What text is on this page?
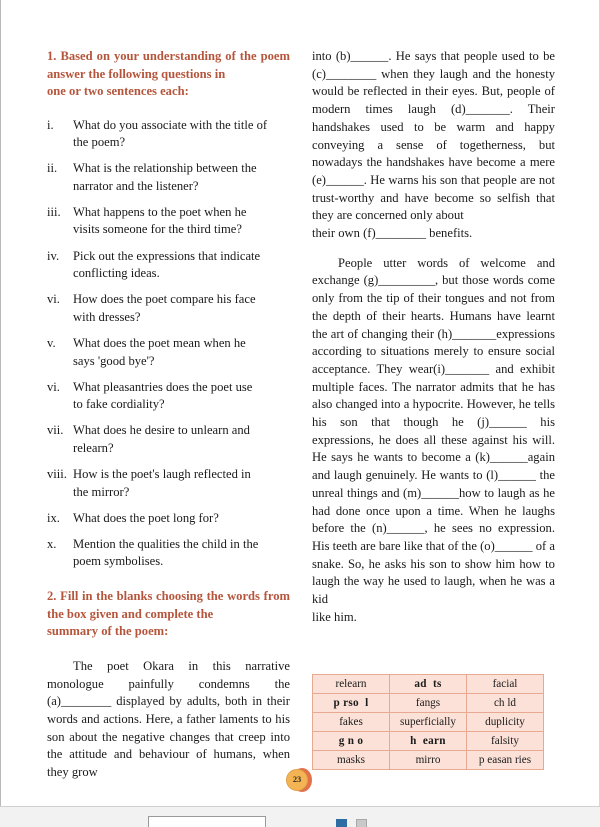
1. Based on your understanding of the poem answer the following questions in
one or two sentences each:

i.	What do you associate with the title of
the poem?
ii.	What is the relationship between the
narrator and the listener?
iii. What happens to the poet when he
visits someone for the third time?
iv.	Pick out the expressions that indicate
conflicting ideas.
vi.	How does the poet compare his face
with dresses?
v.	What does the poet mean when he
says 'good bye'?
vi.	What pleasantries does the poet use
to fake cordiality?
vii. What does he desire to unlearn and
relearn?
viii. How is the poet's laugh reflected in
the mirror?
ix.	What does the poet long for?
x.	Mention the qualities the child in the
poem symbolises.

2. Fill in the blanks choosing the words from the box given and complete the
summary of the poem:

The poet Okara in this narrative monologue painfully condemns the (a)________ displayed by adults, both in their words and actions. Here, a father laments to his son about the negative changes that creep into the attitude and behaviour of humans, when they grow

into (b)______. He says that people used to be (c)________ when they laugh and the honesty would be reflected in their eyes. But, people of modern times laugh (d)_______. Their handshakes used to be warm and happy conveying a sense of togetherness, but nowadays the handshakes have become a mere (e)______. He warns his son that people are not trust-worthy and have become so selfish that they are concerned only about
their own (f)________ benefits.

People utter words of welcome and exchange (g)_________, but those words come only from the tip of their tongues and not from the depth of their hearts. Humans have learnt the art of changing their (h)_______expressions according to situations merely to ensure social acceptance. They wear(i)_______ and exhibit multiple faces. The narrator admits that he has also changed into a hypocrite. However, he tells his son that though he (j)______ his expressions, he does all these against his will. He says he wants to become a (k)______again and laugh genuinely. He wants to (l)______ the unreal things and (m)______how to laugh as he had done once upon a time. When he laughs before the (n)______, he sees no expression. His teeth are bare like that of the (o)______ of a snake. So, he asks his son to show him how to laugh the way he used to laugh, when he was a kid
like him.

relearn	ad  ts	facial
p rso  l	fangs	ch ld
fakes	superficially	duplicity
g n o	h  earn	falsity
masks	mirro	p easan ries
23
